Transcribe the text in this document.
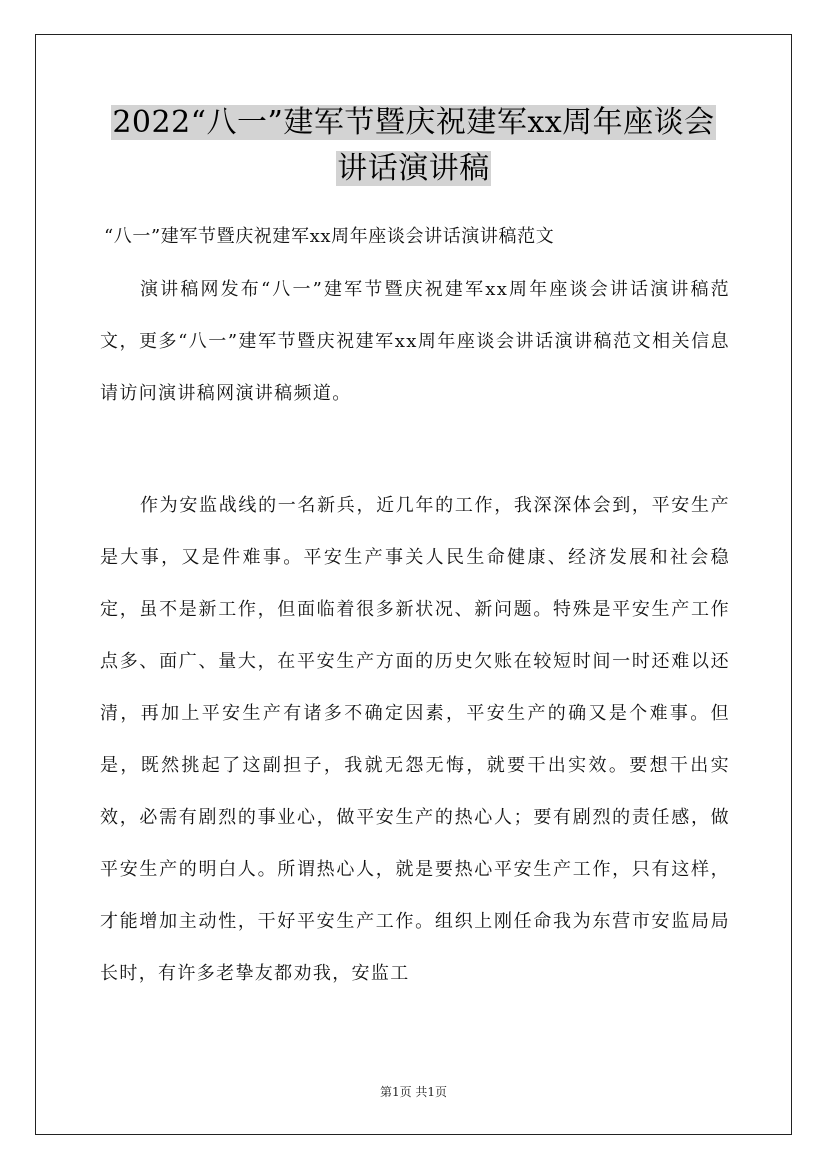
2022“八一”建军节暨庆祝建军xx周年座谈会
讲话演讲稿
“八一”建军节暨庆祝建军xx周年座谈会讲话演讲稿范文

演讲稿网发布“八一”建军节暨庆祝建军xx周年座谈会讲话演讲稿范文，更多“八一”建军节暨庆祝建军xx周年座谈会讲话演讲稿范文相关信息请访问演讲稿网演讲稿频道。

作为安监战线的一名新兵，近几年的工作，我深深体会到，平安生产是大事，又是件难事。平安生产事关人民生命健康、经济发展和社会稳定，虽不是新工作，但面临着很多新状况、新问题。特殊是平安生产工作点多、面广、量大，在平安生产方面的历史欠账在较短时间一时还难以还清，再加上平安生产有诸多不确定因素，平安生产的确又是个难事。但是，既然挑起了这副担子，我就无怨无悔，就要干出实效。要想干出实效，必需有剧烈的事业心，做平安生产的热心人；要有剧烈的责任感，做平安生产的明白人。所谓热心人，就是要热心平安生产工作，只有这样，才能增加主动性，干好平安生产工作。组织上刚任命我为东营市安监局局长时，有许多老挚友都劝我，安监工

第1页 共1页
